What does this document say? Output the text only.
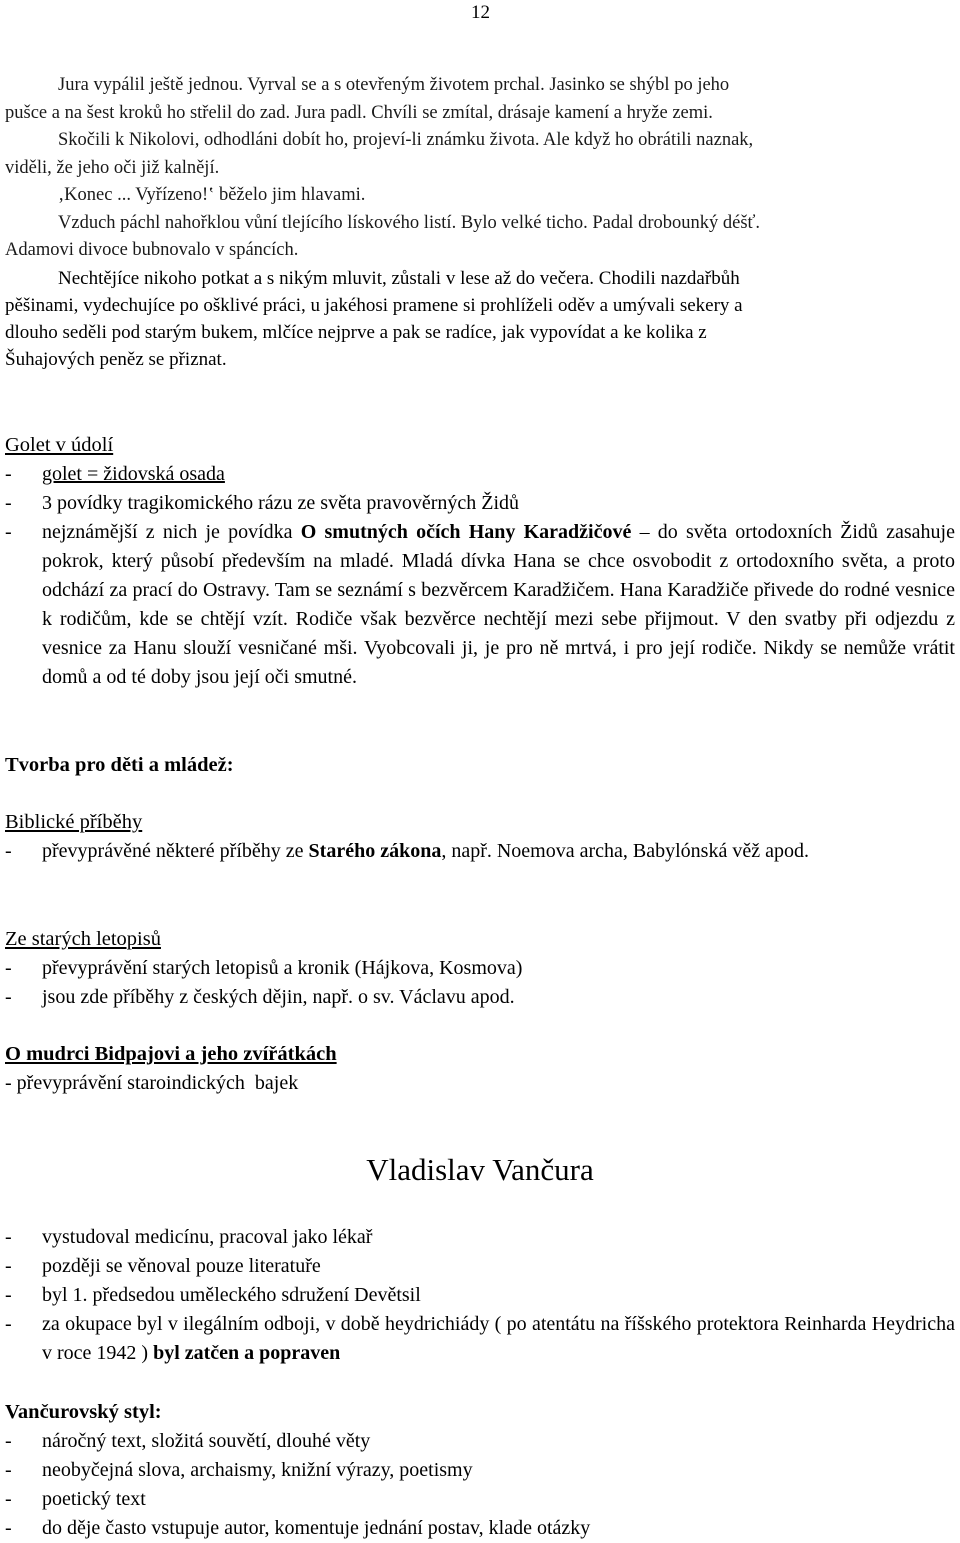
12
Jura vypálil ještě jednou. Vyrval se a s otevřeným životem prchal. Jasinko se shýbl po jeho
pušce a na šest kroků ho střelil do zad. Jura padl. Chvíli se zmítal, drásaje kamení a hryže zemi.
Skočili k Nikolovi, odhodláni dobít ho, projeví-li známku života. Ale když ho obrátili naznak,
viděli, že jeho oči již kalnějí.
‚Konec ... Vyřízeno!‛ běželo jim hlavami.
Vzduch páchl nahořklou vůní tlejícího lískového listí. Bylo velké ticho. Padal drobounký déšť.
Adamovi divoce bubnovalo v spáncích.
Nechtějíce nikoho potkat a s nikým mluvit, zůstali v lese až do večera. Chodili nazdařbůh
pěšinami, vydechujíce po ošklivé práci, u jakéhosi pramene si prohlíželi oděv a umývali sekery a
dlouho seděli pod starým bukem, mlčíce nejprve a pak se radíce, jak vypovídat a ke kolika z
Šuhajových peněz se přiznat.
Golet v údolí
-	golet = židovská osada
-	3 povídky tragikomického rázu ze světa pravověrných Židů
-	nejznámější z nich je povídka O smutných očích Hany Karadžičové – do světa ortodoxních Židů zasahuje pokrok, který působí především na mladé. Mladá dívka Hana se chce osvobodit z ortodoxního světa, a proto odchází za prací do Ostravy. Tam se seznámí s bezvěrcem Karadžičem. Hana Karadžiče přivede do rodné vesnice k rodičům, kde se chtějí vzít. Rodiče však bezvěrce nechtějí mezi sebe přijmout. V den svatby při odjezdu z vesnice za Hanu slouží vesničané mši. Vyobcovali ji, je pro ně mrtvá, i pro její rodiče. Nikdy se nemůže vrátit domů a od té doby jsou její oči smutné.
Tvorba pro děti a mládež:
Biblické příběhy
-	převyprávěné některé příběhy ze Starého zákona, např. Noemova archa, Babylónská věž apod.
Ze starých letopisů
-	převyprávění starých letopisů a kronik (Hájkova, Kosmova)
-	jsou zde příběhy z českých dějin, např. o sv. Václavu apod.
O mudrci Bidpajovi a jeho zvířátkách
- převyprávění staroindických  bajek
Vladislav Vančura
-	vystudoval medicínu, pracoval jako lékař
-	později se věnoval pouze literatuře
-	byl 1. předsedou uměleckého sdružení Devětsil
-	za okupace byl v ilegálním odboji, v době heydrichiády ( po atentátu na říšského protektora Reinharda Heydricha v roce 1942 ) byl zatčen a popraven
Vančurovský styl:
-	náročný text, složitá souvětí, dlouhé věty
-	neobyčejná slova, archaismy, knižní výrazy, poetismy
-	poetický text
-	do děje často vstupuje autor, komentuje jednání postav, klade otázky
